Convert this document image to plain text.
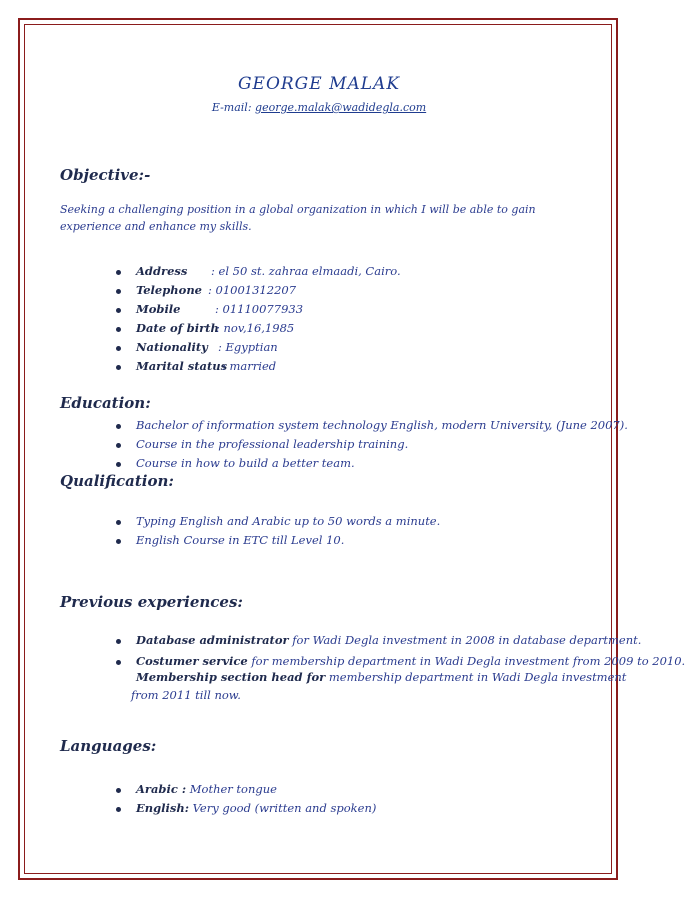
GEORGE MALAK
E-mail: george.malak@wadidegla.com
Objective:-
Seeking a challenging position in a global organization in which I will be able to gain experience and enhance my skills.
Address : el 50 st. zahraa elmaadi, Cairo.
Telephone : 01001312207
Mobile	: 01110077933
Date of birth
: nov,16,1985
Nationality : Egyptian
Marital status
: married
Education:
Bachelor of information system technology English, modern University, (June 2007).
Course in the professional leadership training.
Course in how to build a better team.
Qualification:
Typing English and Arabic up to 50 words a minute.
English Course in ETC till Level 10.
Previous experiences:
Database administrator for Wadi Degla investment in 2008 in database department.
Costumer service for membership department in Wadi Degla investment from 2009 to 2010.
Membership section head for membership department in Wadi Degla investment
from 2011 till now.
Languages:
Arabic : Mother tongue
English: Very good (written and spoken)
